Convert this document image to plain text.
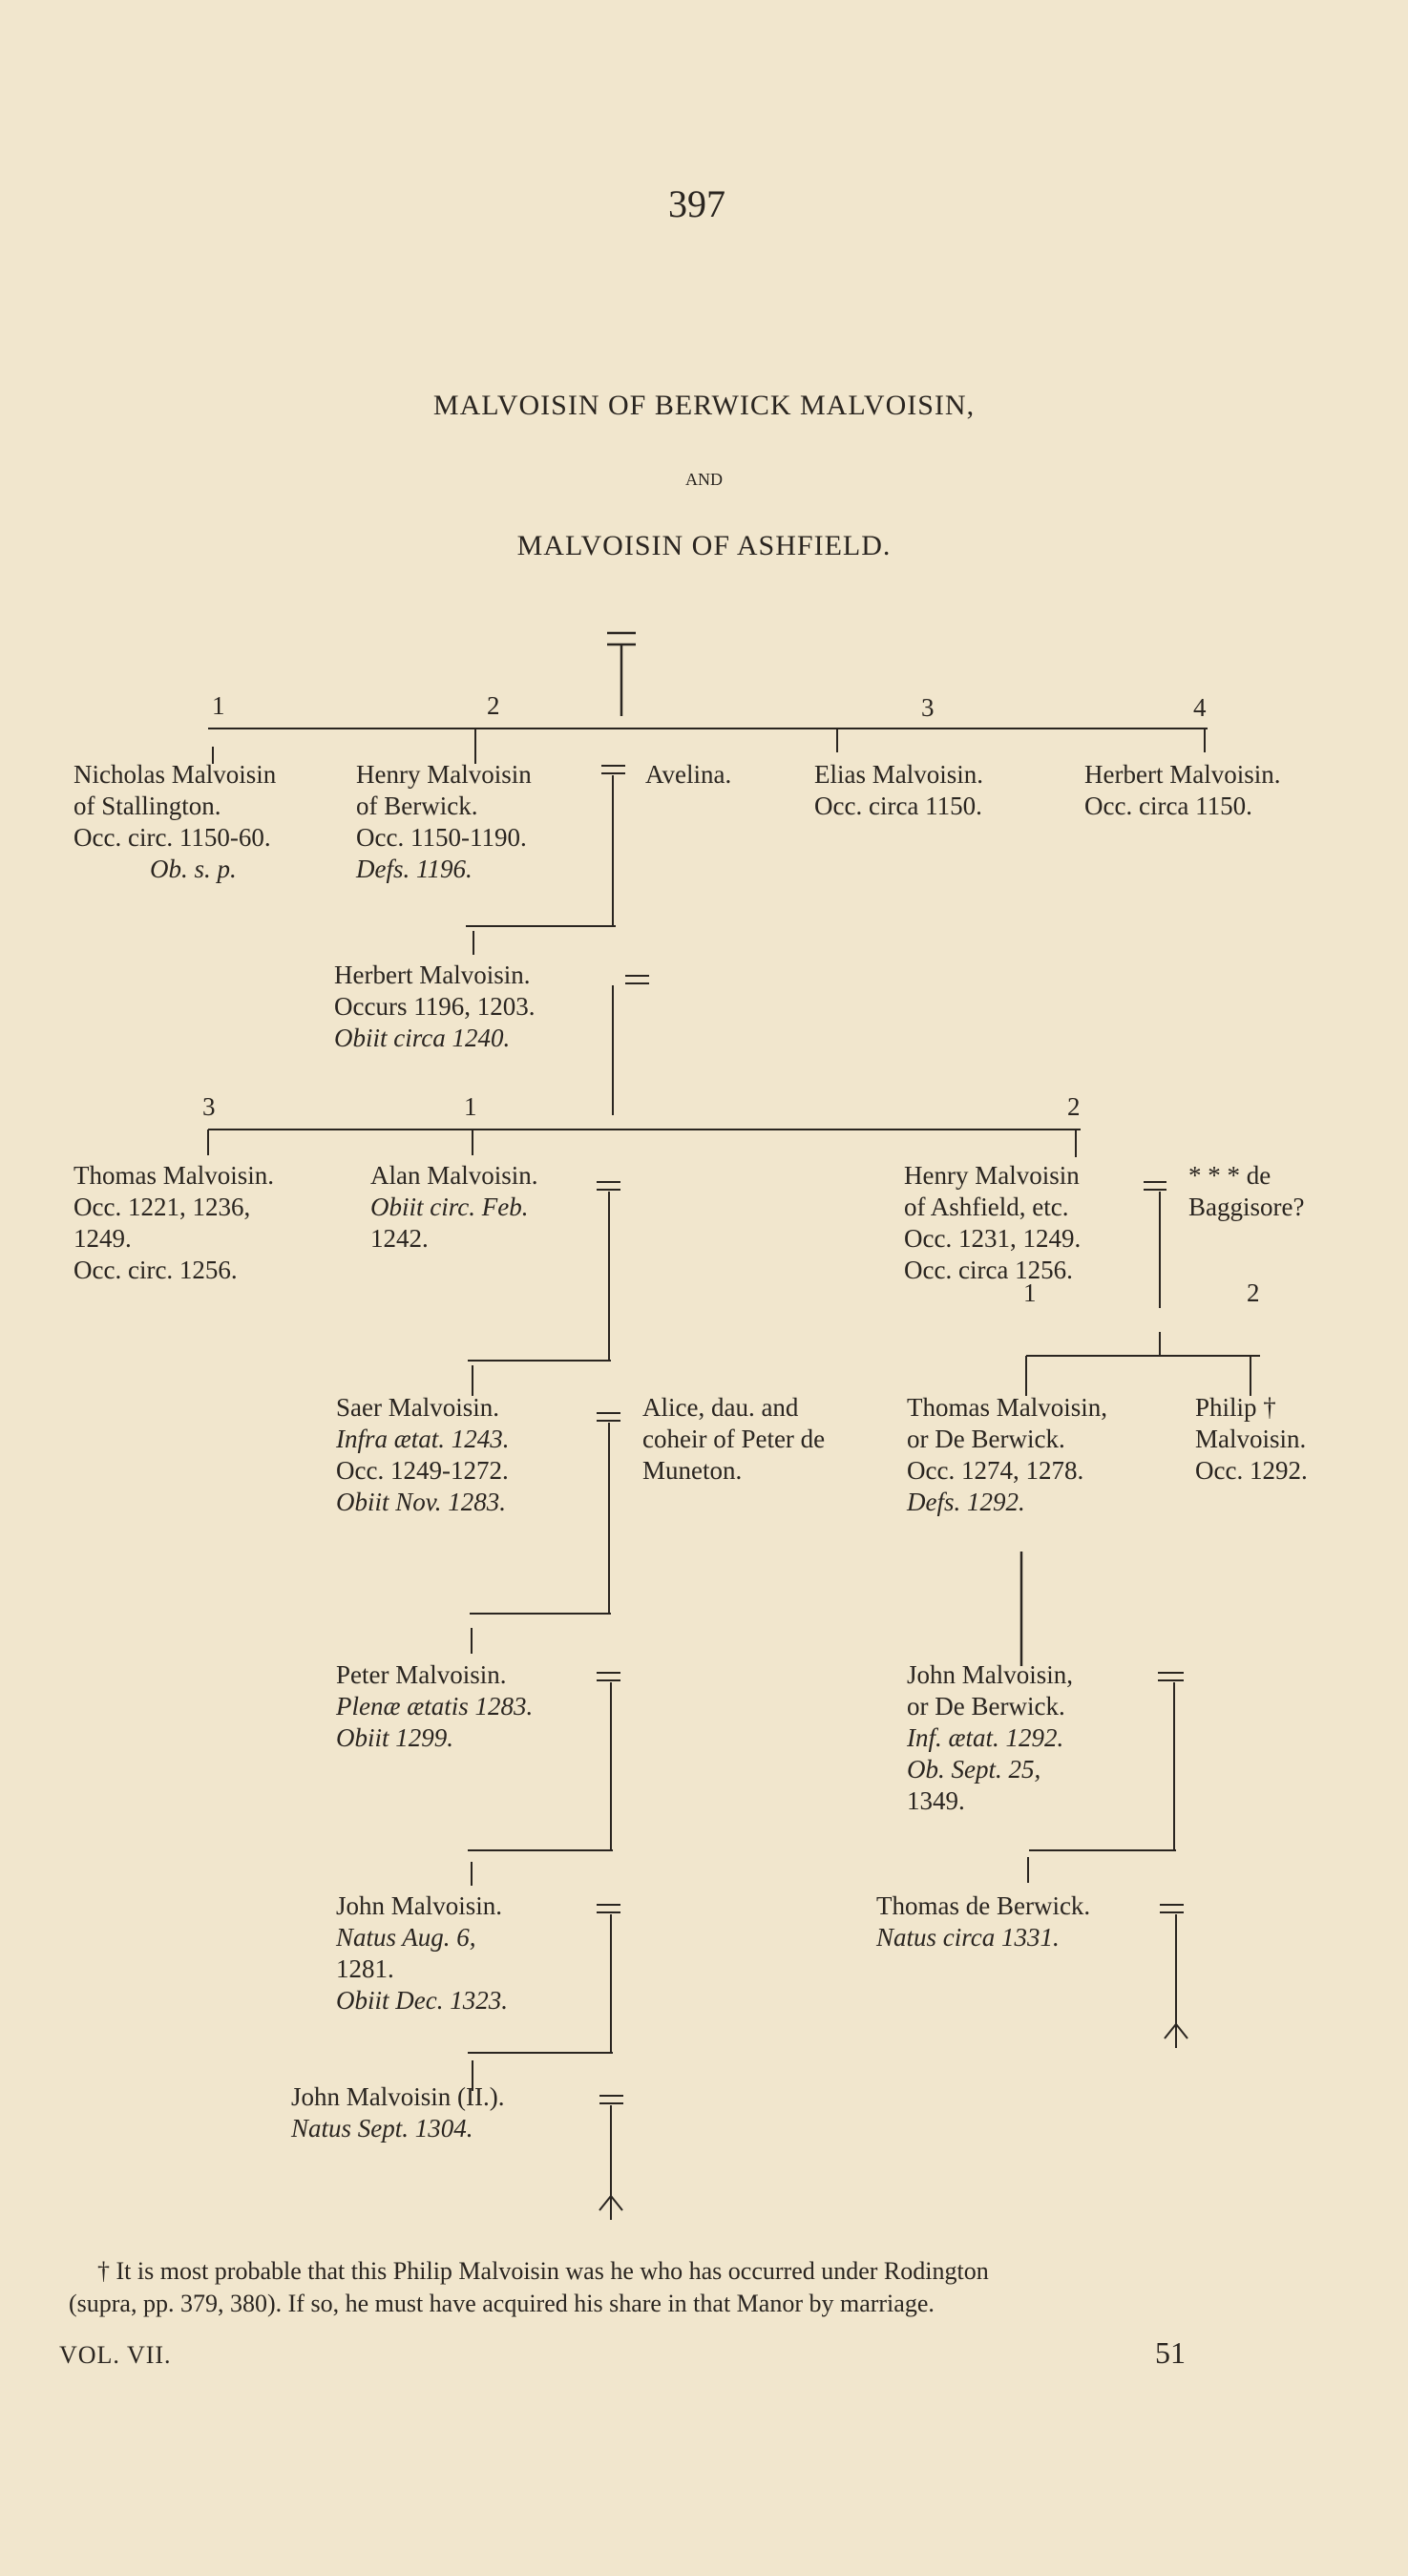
397
MALVOISIN OF BERWICK MALVOISIN,
AND
MALVOISIN OF ASHFIELD.
1	2	3	4
Nicholas Malvoisin
of Stallington.
Occ. circ. 1150-60.
Ob. s. p.
Henry Malvoisin
of Berwick.
Occ. 1150-1190.
Defs. 1196.
Avelina.	Elias Malvoisin.
Occ. circa 1150.
Herbert Malvoisin.
Occ. circa 1150.
Herbert Malvoisin.
Occurs 1196, 1203.
Obiit circa 1240.
3	1	2
Thomas Malvoisin.
Occ. 1221, 1236,
1249.
Occ. circ. 1256.
Alan Malvoisin.
Obiit circ. Feb.
1242.
Henry Malvoisin
of Ashfield, etc.
Occ. 1231, 1249.
Occ. circa 1256.
* * * de
Baggisore?
1	2
Saer Malvoisin.
Infra ætat. 1243.
Occ. 1249-1272.
Obiit Nov. 1283.
Alice, dau. and
coheir of Peter de
Muneton.
Thomas Malvoisin,
or De Berwick.
Occ. 1274, 1278.
Defs. 1292.
Philip †
Malvoisin.
Occ. 1292.
Peter Malvoisin.
Plenæ ætatis 1283.
Obiit 1299.
John Malvoisin,
or De Berwick.
Inf. ætat. 1292.
Ob. Sept. 25,
1349.
John Malvoisin.
Natus Aug. 6,
1281.
Obiit Dec. 1323.
Thomas de Berwick.
Natus circa 1331.
John Malvoisin (II.).
Natus Sept. 1304.
† It is most probable that this Philip Malvoisin was he who has occurred under Rodington
(supra, pp. 379, 380). If so, he must have acquired his share in that Manor by marriage.
VOL. VII.	51
